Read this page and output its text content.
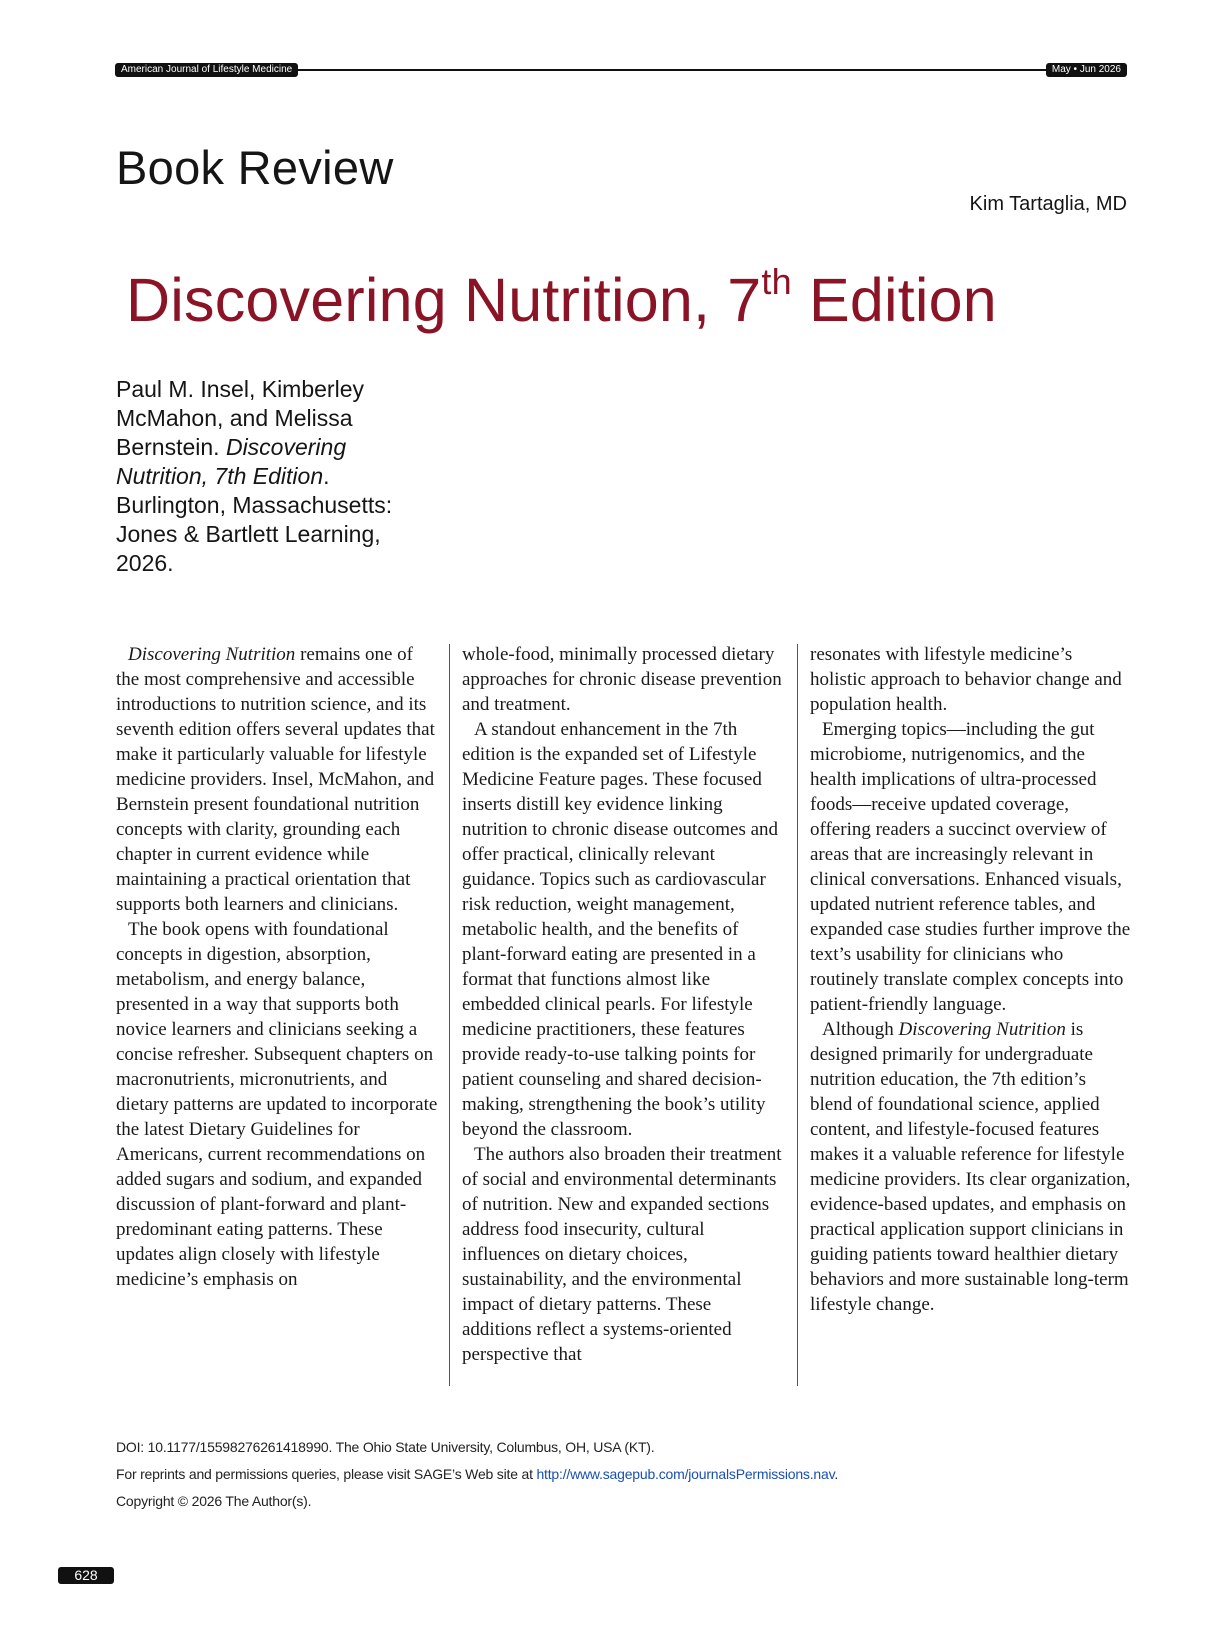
American Journal of Lifestyle Medicine	May • Jun 2026
Book Review
Kim Tartaglia, MD
Discovering Nutrition, 7th Edition
Paul M. Insel, Kimberley McMahon, and Melissa Bernstein. Discovering Nutrition, 7th Edition. Burlington, Massachusetts: Jones & Bartlett Learning, 2026.

Discovering Nutrition remains one of the most comprehensive and accessible introductions to nutrition science, and its seventh edition offers several updates that make it particularly valuable for lifestyle medicine providers. Insel, McMahon, and Bernstein present foundational nutrition concepts with clarity, grounding each chapter in current evidence while maintaining a practical orientation that supports both learners and clinicians.

The book opens with foundational concepts in digestion, absorption, metabolism, and energy balance, presented in a way that supports both novice learners and clinicians seeking a concise refresher. Subsequent chapters on macronutrients, micronutrients, and dietary patterns are updated to incorporate the latest Dietary Guidelines for Americans, current recommendations on added sugars and sodium, and expanded discussion of plant-forward and plant-predominant eating patterns. These updates align closely with lifestyle medicine’s emphasis on

whole-food, minimally processed dietary approaches for chronic disease prevention and treatment.

A standout enhancement in the 7th edition is the expanded set of Lifestyle Medicine Feature pages. These focused inserts distill key evidence linking nutrition to chronic disease outcomes and offer practical, clinically relevant guidance. Topics such as cardiovascular risk reduction, weight management, metabolic health, and the benefits of plant-forward eating are presented in a format that functions almost like embedded clinical pearls. For lifestyle medicine practitioners, these features provide ready-to-use talking points for patient counseling and shared decision-making, strengthening the book’s utility beyond the classroom.

The authors also broaden their treatment of social and environmental determinants of nutrition. New and expanded sections address food insecurity, cultural influences on dietary choices, sustainability, and the environmental impact of dietary patterns. These additions reflect a systems-oriented perspective that

resonates with lifestyle medicine’s holistic approach to behavior change and population health.

Emerging topics—including the gut microbiome, nutrigenomics, and the health implications of ultra-processed foods—receive updated coverage, offering readers a succinct overview of areas that are increasingly relevant in clinical conversations. Enhanced visuals, updated nutrient reference tables, and expanded case studies further improve the text’s usability for clinicians who routinely translate complex concepts into patient-friendly language.

Although Discovering Nutrition is designed primarily for undergraduate nutrition education, the 7th edition’s blend of foundational science, applied content, and lifestyle-focused features makes it a valuable reference for lifestyle medicine providers. Its clear organization, evidence-based updates, and emphasis on practical application support clinicians in guiding patients toward healthier dietary behaviors and more sustainable long-term lifestyle change.

DOI: 10.1177/15598276261418990. The Ohio State University, Columbus, OH, USA (KT).
For reprints and permissions queries, please visit SAGE’s Web site at http://www.sagepub.com/journalsPermissions.nav.
Copyright © 2026 The Author(s).
628
